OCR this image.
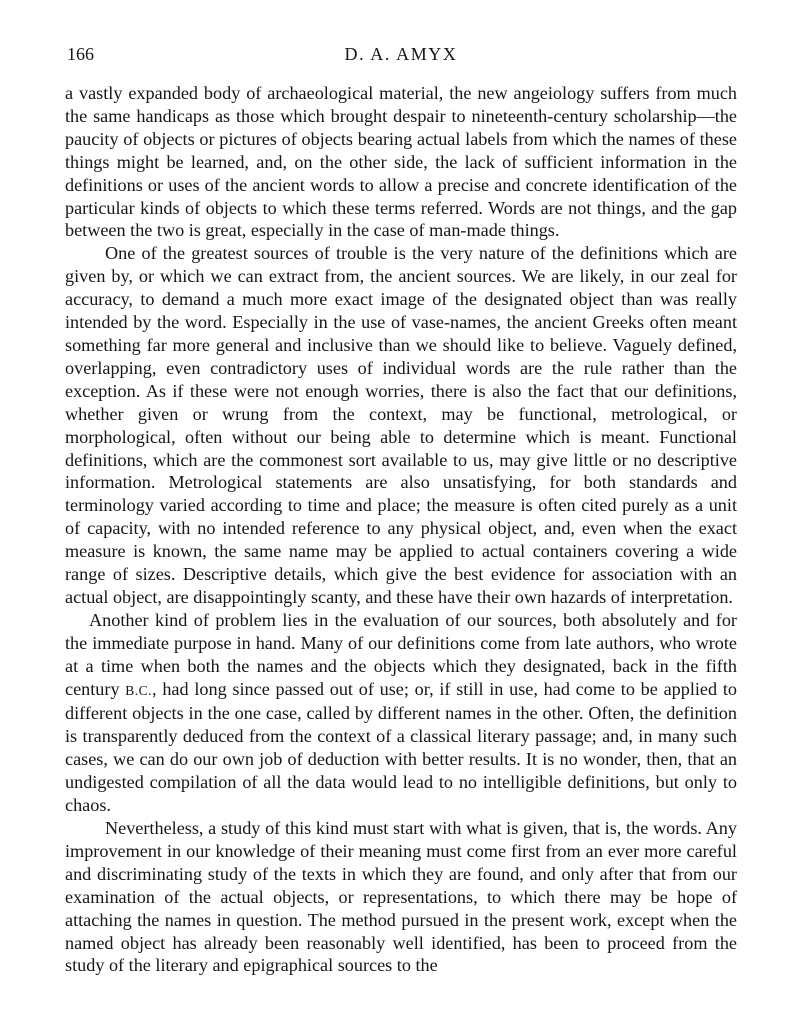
166	D. A. AMYX

a vastly expanded body of archaeological material, the new angeiology suffers from much the same handicaps as those which brought despair to nineteenth-century scholarship—the paucity of objects or pictures of objects bearing actual labels from which the names of these things might be learned, and, on the other side, the lack of sufficient information in the definitions or uses of the ancient words to allow a precise and concrete identification of the particular kinds of objects to which these terms referred. Words are not things, and the gap between the two is great, especially in the case of man-made things.

One of the greatest sources of trouble is the very nature of the definitions which are given by, or which we can extract from, the ancient sources. We are likely, in our zeal for accuracy, to demand a much more exact image of the designated object than was really intended by the word. Especially in the use of vase-names, the ancient Greeks often meant something far more general and inclusive than we should like to believe. Vaguely defined, overlapping, even contradictory uses of individual words are the rule rather than the exception. As if these were not enough worries, there is also the fact that our definitions, whether given or wrung from the context, may be functional, metrological, or morphological, often without our being able to determine which is meant. Functional definitions, which are the commonest sort available to us, may give little or no descriptive information. Metrological statements are also unsatisfying, for both standards and terminology varied according to time and place; the measure is often cited purely as a unit of capacity, with no intended reference to any physical object, and, even when the exact measure is known, the same name may be applied to actual containers covering a wide range of sizes. Descriptive details, which give the best evidence for association with an actual object, are disappointingly scanty, and these have their own hazards of interpretation.

Another kind of problem lies in the evaluation of our sources, both absolutely and for the immediate purpose in hand. Many of our definitions come from late authors, who wrote at a time when both the names and the objects which they designated, back in the fifth century B.C., had long since passed out of use; or, if still in use, had come to be applied to different objects in the one case, called by different names in the other. Often, the definition is transparently deduced from the context of a classical literary passage; and, in many such cases, we can do our own job of deduction with better results. It is no wonder, then, that an undigested compilation of all the data would lead to no intelligible definitions, but only to chaos.

Nevertheless, a study of this kind must start with what is given, that is, the words. Any improvement in our knowledge of their meaning must come first from an ever more careful and discriminating study of the texts in which they are found, and only after that from our examination of the actual objects, or representations, to which there may be hope of attaching the names in question. The method pursued in the present work, except when the named object has already been reasonably well identified, has been to proceed from the study of the literary and epigraphical sources to the
